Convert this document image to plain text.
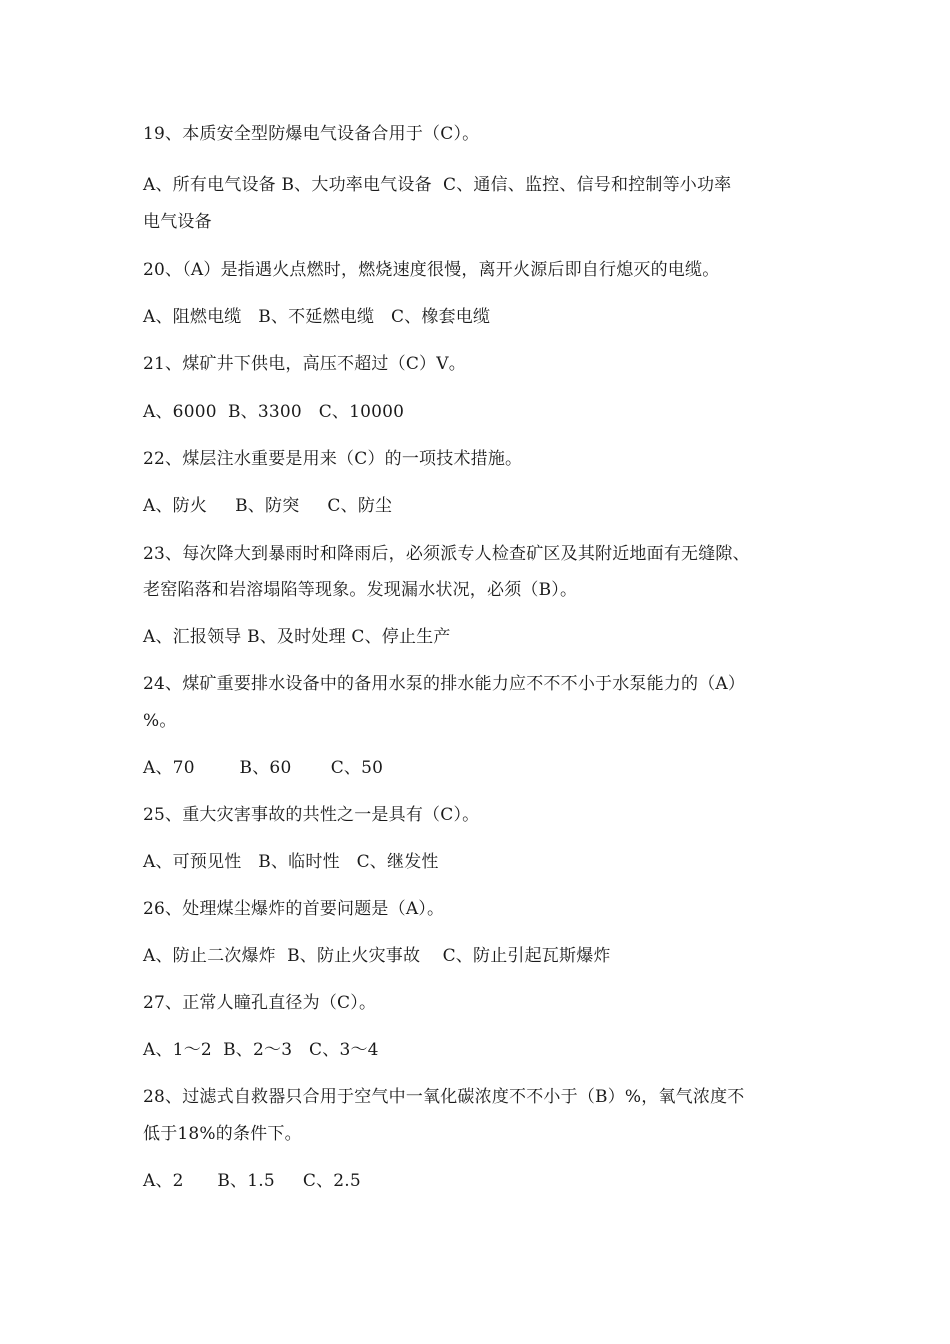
19、本质安全型防爆电气设备合用于（C）。
A、所有电气设备 B、大功率电气设备  C、通信、监控、信号和控制等小功率
电气设备
20、（A）是指遇火点燃时，燃烧速度很慢，离开火源后即自行熄灭的电缆。
A、阻燃电缆   B、不延燃电缆   C、橡套电缆
21、煤矿井下供电，高压不超过（C）V。
A、6000  B、3300   C、10000
22、煤层注水重要是用来（C）的一项技术措施。
A、防火     B、防突     C、防尘
23、每次降大到暴雨时和降雨后，必须派专人检查矿区及其附近地面有无缝隙、
老窑陷落和岩溶塌陷等现象。发现漏水状况，必须（B）。
A、汇报领导 B、及时处理 C、停止生产
24、煤矿重要排水设备中的备用水泵的排水能力应不不不小于水泵能力的（A）
%。
A、70        B、60       C、50
25、重大灾害事故的共性之一是具有（C）。
A、可预见性   B、临时性   C、继发性
26、处理煤尘爆炸的首要问题是（A）。
A、防止二次爆炸  B、防止火灾事故    C、防止引起瓦斯爆炸
27、正常人瞳孔直径为（C）。
A、1～2  B、2～3   C、3～4
28、过滤式自救器只合用于空气中一氧化碳浓度不不小于（B）%，氧气浓度不
低于18%的条件下。
A、2      B、1.5     C、2.5
